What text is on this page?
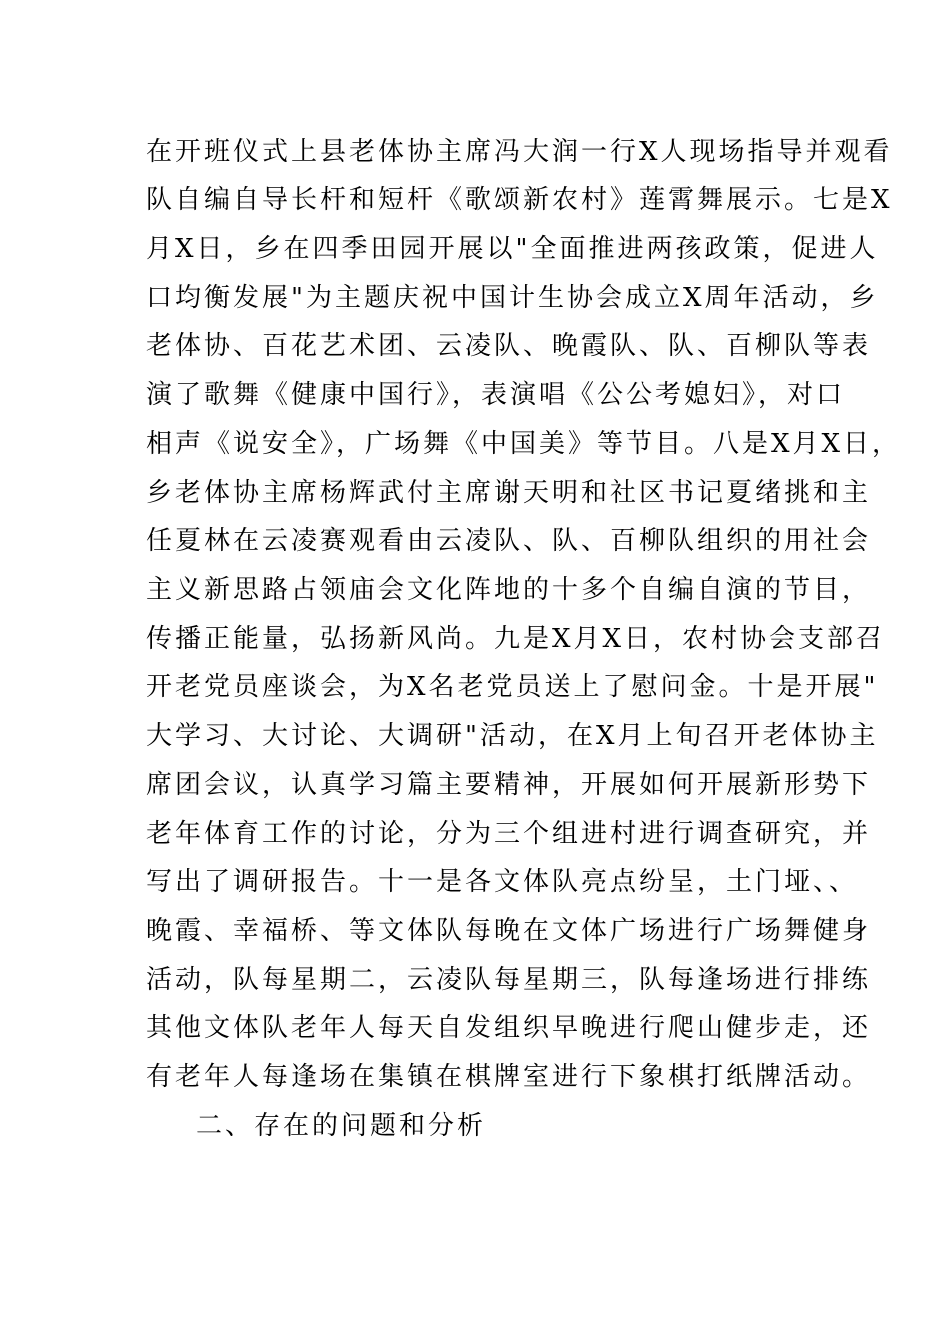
在开班仪式上县老体协主席冯大润一行X人现场指导并观看
队自编自导长杆和短杆《歌颂新农村》莲霄舞展示。七是X
月X日，乡在四季田园开展以"全面推进两孩政策，促进人
口均衡发展"为主题庆祝中国计生协会成立X周年活动，乡
老体协、百花艺术团、云凌队、晚霞队、队、百柳队等表
演了歌舞《健康中国行》，表演唱《公公考媳妇》，对口
相声《说安全》，广场舞《中国美》等节目。八是X月X日，
乡老体协主席杨辉武付主席谢天明和社区书记夏绪挑和主
任夏林在云凌赛观看由云凌队、队、百柳队组织的用社会
主义新思路占领庙会文化阵地的十多个自编自演的节目，
传播正能量，弘扬新风尚。九是X月X日，农村协会支部召
开老党员座谈会，为X名老党员送上了慰问金。十是开展"
大学习、大讨论、大调研"活动，在X月上旬召开老体协主
席团会议，认真学习篇主要精神，开展如何开展新形势下
老年体育工作的讨论，分为三个组进村进行调查研究，并
写出了调研报告。十一是各文体队亮点纷呈，土门垭、、
晚霞、幸福桥、等文体队每晚在文体广场进行广场舞健身
活动，队每星期二，云凌队每星期三，队每逢场进行排练
其他文体队老年人每天自发组织早晚进行爬山健步走，还
有老年人每逢场在集镇在棋牌室进行下象棋打纸牌活动。
二、存在的问题和分析
